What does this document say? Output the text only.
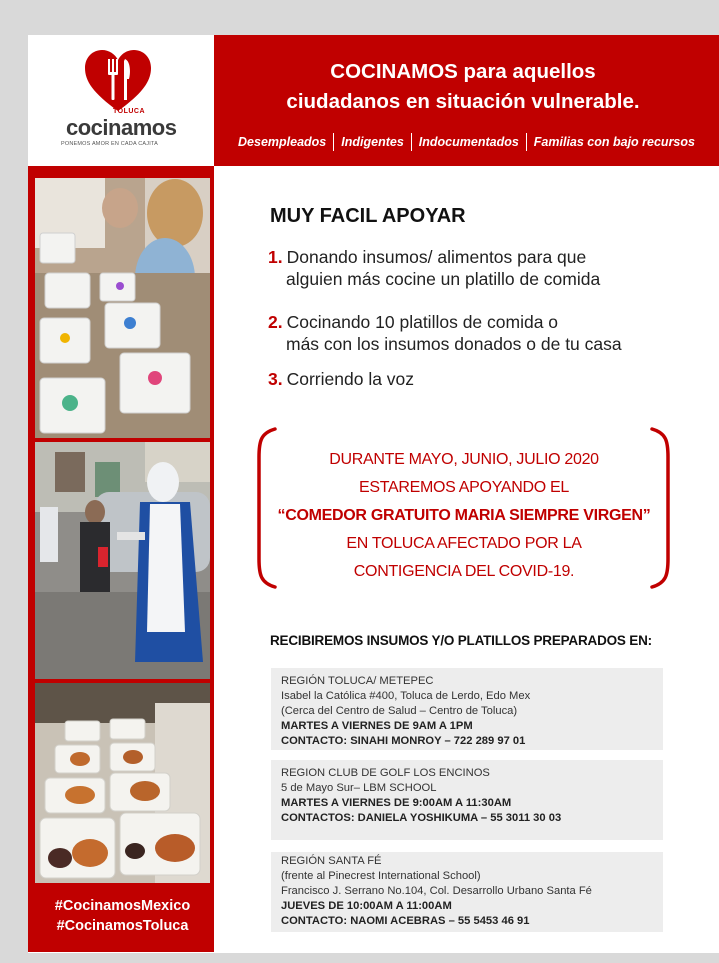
TOLUCA
cocinamos
PONEMOS AMOR EN CADA CAJITA
COCINAMOS para aquellos
ciudadanos en situación vulnerable.
Desempleados	Indigentes	Indocumentados	Familias con bajo recursos
#CocinamosMexico
#CocinamosToluca
MUY FACIL APOYAR
1. Donando insumos/ alimentos para que
alguien más cocine un platillo de comida
2. Cocinando 10 platillos de comida o
más con los insumos donados o de tu casa
3. Corriendo la voz
DURANTE MAYO, JUNIO, JULIO 2020
ESTAREMOS APOYANDO EL
“COMEDOR GRATUITO MARIA SIEMPRE VIRGEN”
EN TOLUCA AFECTADO POR LA
CONTIGENCIA DEL COVID-19.
RECIBIREMOS INSUMOS Y/O PLATILLOS PREPARADOS EN:
REGIÓN TOLUCA/ METEPEC
Isabel la Católica #400, Toluca de Lerdo, Edo Mex
(Cerca del Centro de Salud – Centro de Toluca)
MARTES A VIERNES DE 9AM A 1PM
CONTACTO: SINAHI MONROY – 722 289 97 01
REGION CLUB DE GOLF LOS ENCINOS
5 de Mayo Sur– LBM SCHOOL
MARTES A VIERNES DE 9:00AM A 11:30AM
CONTACTOS: DANIELA YOSHIKUMA – 55 3011 30 03
REGIÓN SANTA FÉ
(frente al Pinecrest International School)
Francisco J. Serrano No.104, Col. Desarrollo Urbano Santa Fé
JUEVES DE 10:00AM A 11:00AM
CONTACTO: NAOMI ACEBRAS – 55 5453 46 91
